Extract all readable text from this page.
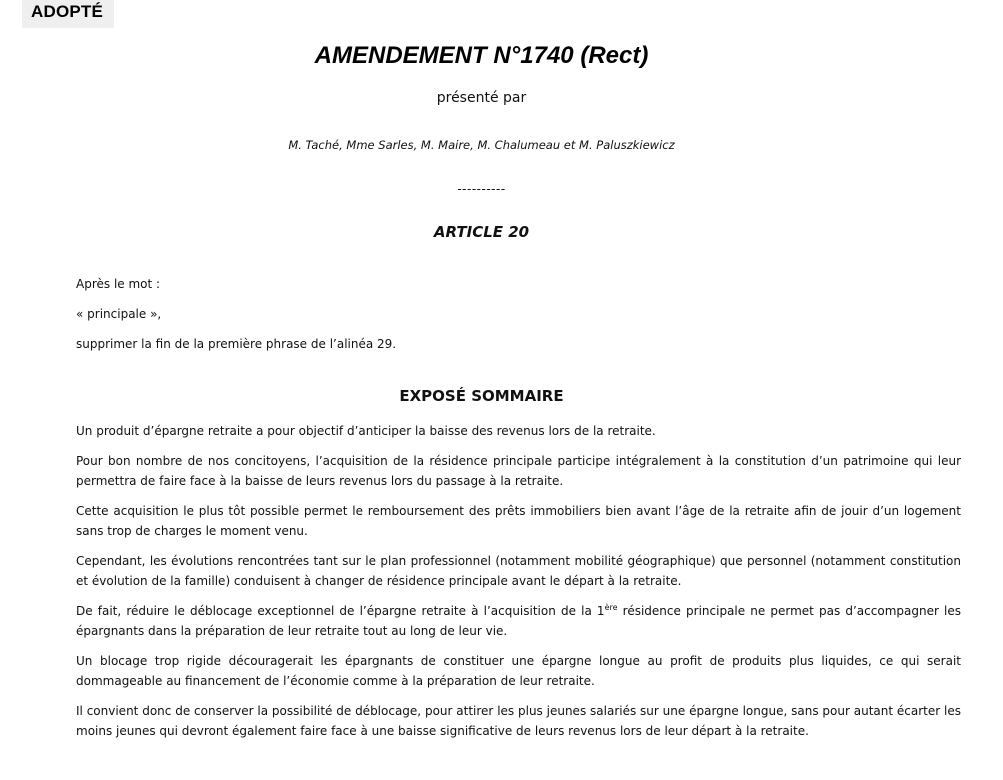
ADOPTÉ
AMENDEMENT N°1740 (Rect)
présenté par
M. Taché, Mme Sarles, M. Maire, M. Chalumeau et M. Paluszkiewicz
----------
ARTICLE 20

Après le mot :

« principale »,

supprimer la fin de la première phrase de l’alinéa 29.

EXPOSÉ SOMMAIRE

Un produit d’épargne retraite a pour objectif d’anticiper la baisse des revenus lors de la retraite.

Pour bon nombre de nos concitoyens, l’acquisition de la résidence principale participe intégralement à la constitution d’un patrimoine qui leur permettra de faire face à la baisse de leurs revenus lors du passage à la retraite.

Cette acquisition le plus tôt possible permet le remboursement des prêts immobiliers bien avant l’âge de la retraite afin de jouir d’un logement sans trop de charges le moment venu.

Cependant, les évolutions rencontrées tant sur le plan professionnel (notamment mobilité géographique) que personnel (notamment constitution et évolution de la famille) conduisent à changer de résidence principale avant le départ à la retraite.

De fait, réduire le déblocage exceptionnel de l’épargne retraite à l’acquisition de la 1ère résidence principale ne permet pas d’accompagner les épargnants dans la préparation de leur retraite tout au long de leur vie.

Un blocage trop rigide découragerait les épargnants de constituer une épargne longue au profit de produits plus liquides, ce qui serait dommageable au financement de l’économie comme à la préparation de leur retraite.

Il convient donc de conserver la possibilité de déblocage, pour attirer les plus jeunes salariés sur une épargne longue, sans pour autant écarter les moins jeunes qui devront également faire face à une baisse significative de leurs revenus lors de leur départ à la retraite.
